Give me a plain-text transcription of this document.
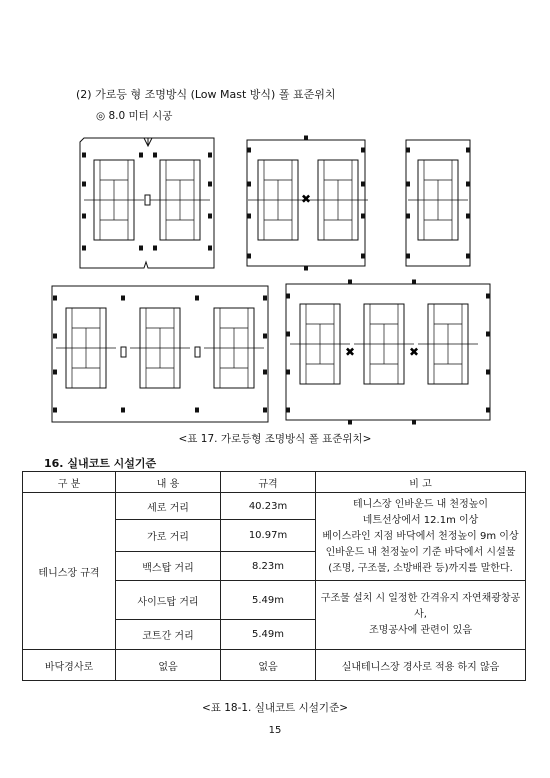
(2) 가로등 형 조명방식 (Low Mast 방식) 폴 표준위치
◎ 8.0 미터 시공
✖
✖	✖
<표 17. 가로등형 조명방식 폴 표준위치>
16. 실내코트 시설기준
구 분	내 용	규격	비 고
테니스장 규격	세로 거리	40.23m	테니스장 인바운드 내 천정높이
네트선상에서 12.1m 이상
베이스라인 지점 바닥에서 천정높이 9m 이상
인바운드 내 천정높이 기준 바닥에서 시설물
(조명, 구조물, 소방배관 등)까지를 말한다.

	가로 거리	10.97m	
	백스탑 거리	8.23m	
	사이드탑 거리	5.49m	구조물 설치 시 일정한 간격유지 자연채광창공사,
조명공사에 관련이 있음

	코트간 거리	5.49m	
바닥경사로	없음	없음	실내테니스장 경사로 적용 하지 않음
<표 18-1. 실내코트 시설기준>
15
